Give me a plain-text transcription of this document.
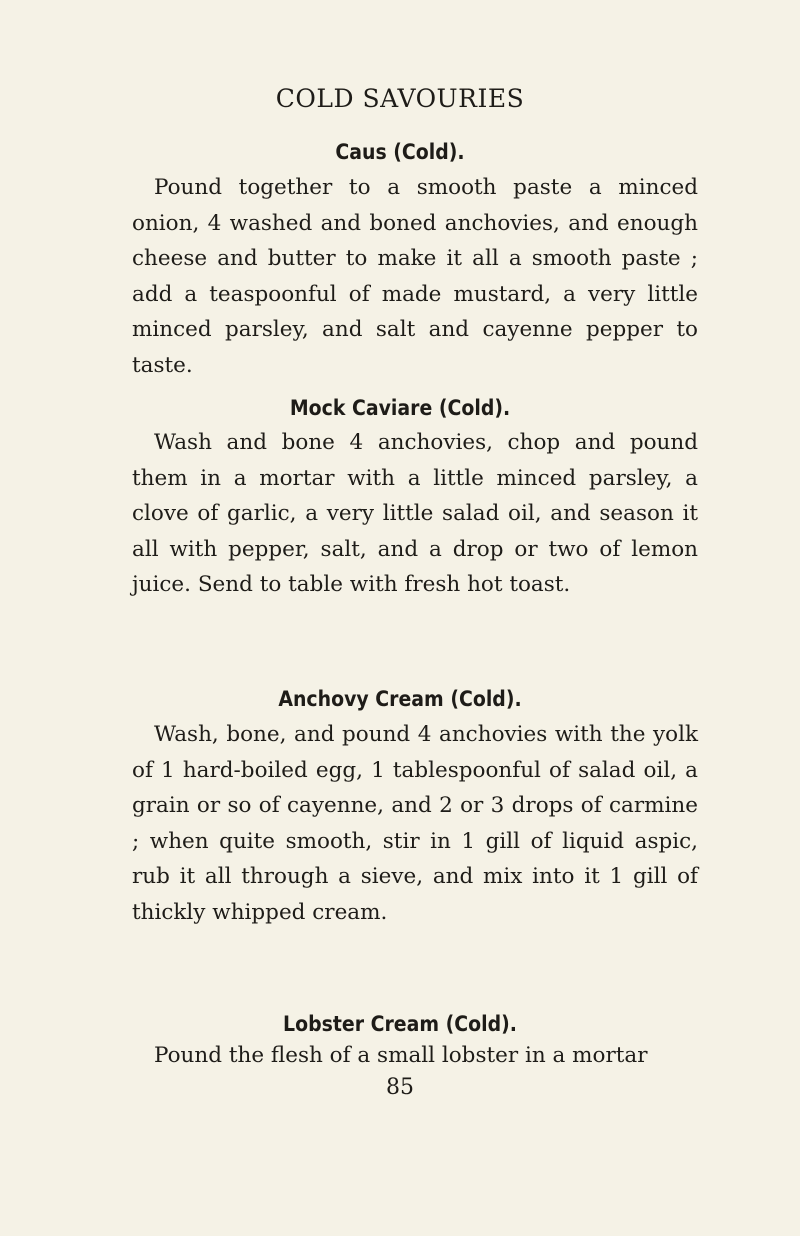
COLD SAVOURIES
Caus (Cold).

Pound together to a smooth paste a minced onion, 4 washed and boned anchovies, and enough cheese and butter to make it all a smooth paste ; add a teaspoonful of made mustard, a very little minced parsley, and salt and cayenne pepper to taste.

Mock Caviare (Cold).

Wash and bone 4 anchovies, chop and pound them in a mortar with a little minced parsley, a clove of garlic, a very little salad oil, and season it all with pepper, salt, and a drop or two of lemon juice. Send to table with fresh hot toast.

Anchovy Cream (Cold).

Wash, bone, and pound 4 anchovies with the yolk of 1 hard-boiled egg, 1 tablespoonful of salad oil, a grain or so of cayenne, and 2 or 3 drops of carmine ; when quite smooth, stir in 1 gill of liquid aspic, rub it all through a sieve, and mix into it 1 gill of thickly whipped cream.

Lobster Cream (Cold).

Pound the flesh of a small lobster in a mortar

85
